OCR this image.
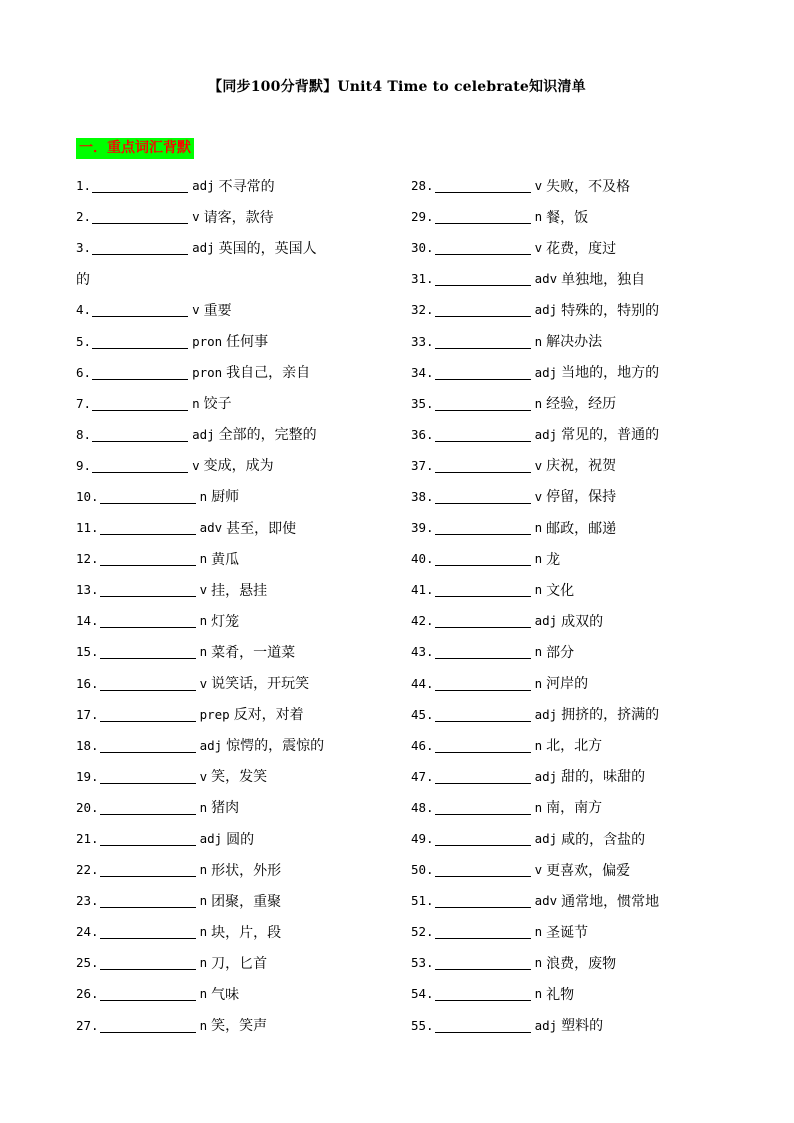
【同步100分背默】Unit4 Time to celebrate知识清单
一．重点词汇背默
1.	adj 不寻常的
2.	v 请客，款待
3.	adj 英国的，英国人
的
4.	v 重要
5.	pron 任何事
6.	pron 我自己，亲自
7.	n 饺子
8.	adj 全部的，完整的
9.	v 变成，成为
10.	n 厨师
11.	adv 甚至，即使
12.	n 黄瓜
13.	v 挂，悬挂
14.	n 灯笼
15.	n 菜肴，一道菜
16.	v 说笑话，开玩笑
17.	prep 反对，对着
18.	adj 惊愕的，震惊的
19.	v 笑，发笑
20.	n 猪肉
21.	adj 圆的
22.	n 形状，外形
23.	n 团聚，重聚
24.	n 块，片，段
25.	n 刀，匕首
26.	n 气味
27.	n 笑，笑声
28.	v 失败，不及格
29.	n 餐，饭
30.	v 花费，度过
31.	adv 单独地，独自
32.	adj 特殊的，特别的
33.	n 解决办法
34.	adj 当地的，地方的
35.	n 经验，经历
36.	adj 常见的，普通的
37.	v 庆祝，祝贺
38.	v 停留，保持
39.	n 邮政，邮递
40.	n 龙
41.	n 文化
42.	adj 成双的
43.	n 部分
44.	n 河岸的
45.	adj 拥挤的，挤满的
46.	n 北，北方
47.	adj 甜的，味甜的
48.	n 南，南方
49.	adj 咸的，含盐的
50.	v 更喜欢，偏爱
51.	adv 通常地，惯常地
52.	n 圣诞节
53.	n 浪费，废物
54.	n 礼物
55.	adj 塑料的
